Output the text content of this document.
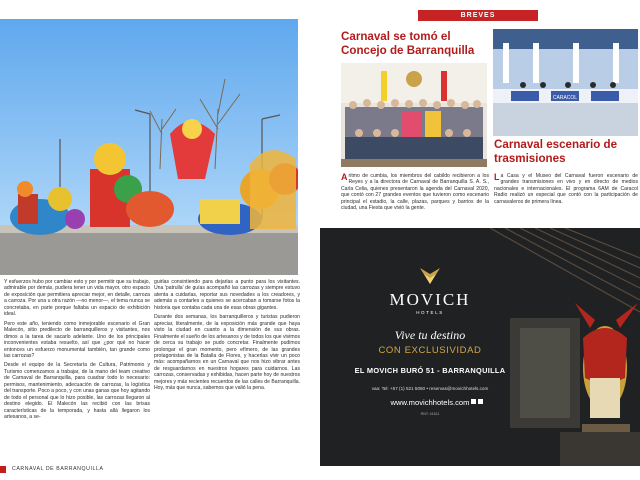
Y esfuerzos hubo por cambiar esto y por permitir que su trabajo, admirable por demás, pudiera tener un vida mayor, otro espacio de exposición que permitiera apreciar mejor, en detalle, carroza a carroza. Por una u otra razón —no menor—, el tema nunca se concretaba, en parte porque faltaba un espacio de exhibición ideal.

Pero este año, teniendo como inmejorable escenario el Gran Malecón, sitio predilecto de barranquilleros y visitantes, nos dimos a la tarea de sacarlo adelante. Uno de los principales inconvenientes estaba resuelto, así que ¿por qué no hacer entonces un esfuerzo monumental también, tan grande como las carrozas?

Desde el equipo de la Secretaría de Cultura, Patrimonio y Turismo comenzamos a trabajar, de la mano del team creativo de Carnaval de Barranquilla, para cuadrar todo lo necesario: permisos, mantenimiento, adecuación de carrozas, la logística del transporte. Poco a poco, y con unas ganas que hoy agitando de todo el personal que lo hizo posible, las carrozas llegaron al destino elegido. El Malecón las recibió con las brisas características de la temporada, y hasta allá llegaron los artesanos, a se-

guirlas consintiendo para dejarlas a punto para los visitantes. Una 'patrulla' de guías acompañó las carrozas y siempre estuvo atenta a cuidarlas, reportar sus novedades a los creadores, y además a contarles a quienes se acercaban a tomarse fotos la historia que contaba cada una de esas obras gigantes.

Durante dos semanas, los barranquilleros y turistas pudieron apreciar, literalmente, de la exposición más grande que haya visto la ciudad en cuanto a la dimensión de sus obras. Finalmente el sueño de los artesanos y de todos los que vivimos de cerca su trabajo se pudo concretar. Finalmente pudimos prolongar el gran momento, pero efímero, de las grandes protagonistas de la Batalla de Flores, y hacerlas vivir un poco más: acompañarnos en un Carnaval que nos hizo vibrar antes de resguardarnos en nuestros hogares para cuidarnos. Las carrozas, conservadas y exhibidas, hacen parte hoy de nuestros mejores y más recientes recuerdos de las calles de Barranquilla. Hoy, más que nunca, sabemos que valió la pena.

CARNAVAL DE BARRANQUILLA
BREVES
Carnaval se tomó el Concejo de Barranquilla
CARACOL
Carnaval escenario de trasmisiones

Aritmo de cumbia, los miembros del cabildo recibieron a los Reyes y a la directora de Carnaval de Barranquilla S. A. S., Carla Celia, quienes presentaron la agenda del Carnaval 2020, que contó con 27 grandes eventos que tuvieron como escenario principal el estadio, la calle, plazas, parques y barrios de la ciudad, una Fiesta que vivió la gente.

La Casa y el Museo del Carnaval fueron escenario de grandes transmisiones en vivo y en directo de medios nacionales e internacionales. El programa 6AM de Caracol Radio realizó un especial que contó con la participación de carnavaleros de primera línea.

MOVICH
HOTELS
Vive tu destino
CON EXCLUSIVIDAD
EL MOVICH BURÓ 51 - BARRANQUILLA
vaa: Tel: +57 (1) 521 5050 • reservas@movichhotels.com
www.movichhotels.com
RNT: 41611
